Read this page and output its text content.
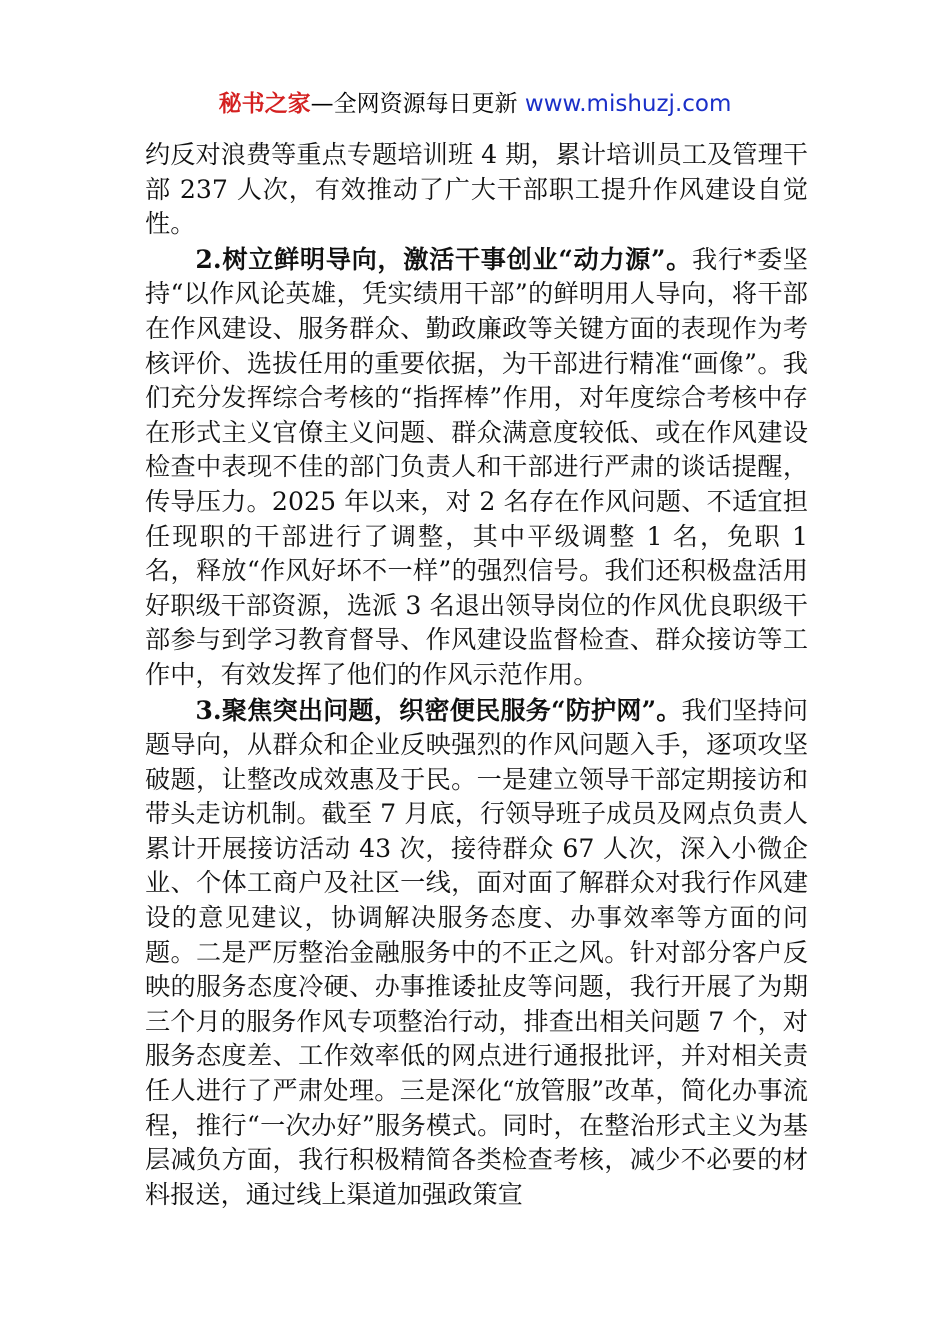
秘书之家—全网资源每日更新 www.mishuzj.com

约反对浪费等重点专题培训班 4 期，累计培训员工及管理干部 237 人次，有效推动了广大干部职工提升作风建设自觉性。

2.树立鲜明导向，激活干事创业“动力源”。我行*委坚持“以作风论英雄，凭实绩用干部”的鲜明用人导向，将干部在作风建设、服务群众、勤政廉政等关键方面的表现作为考核评价、选拔任用的重要依据，为干部进行精准“画像”。我们充分发挥综合考核的“指挥棒”作用，对年度综合考核中存在形式主义官僚主义问题、群众满意度较低、或在作风建设检查中表现不佳的部门负责人和干部进行严肃的谈话提醒，传导压力。2025 年以来，对 2 名存在作风问题、不适宜担任现职的干部进行了调整，其中平级调整 1 名，免职 1 名，释放“作风好坏不一样”的强烈信号。我们还积极盘活用好职级干部资源，选派 3 名退出领导岗位的作风优良职级干部参与到学习教育督导、作风建设监督检查、群众接访等工作中，有效发挥了他们的作风示范作用。

3.聚焦突出问题，织密便民服务“防护网”。我们坚持问题导向，从群众和企业反映强烈的作风问题入手，逐项攻坚破题，让整改成效惠及于民。一是建立领导干部定期接访和带头走访机制。截至 7 月底，行领导班子成员及网点负责人累计开展接访活动 43 次，接待群众 67 人次，深入小微企业、个体工商户及社区一线，面对面了解群众对我行作风建设的意见建议，协调解决服务态度、办事效率等方面的问题。二是严厉整治金融服务中的不正之风。针对部分客户反映的服务态度冷硬、办事推诿扯皮等问题，我行开展了为期三个月的服务作风专项整治行动，排查出相关问题 7 个，对服务态度差、工作效率低的网点进行通报批评，并对相关责任人进行了严肃处理。三是深化“放管服”改革，简化办事流程，推行“一次办好”服务模式。同时，在整治形式主义为基层减负方面，我行积极精简各类检查考核，减少不必要的材料报送，通过线上渠道加强政策宣
